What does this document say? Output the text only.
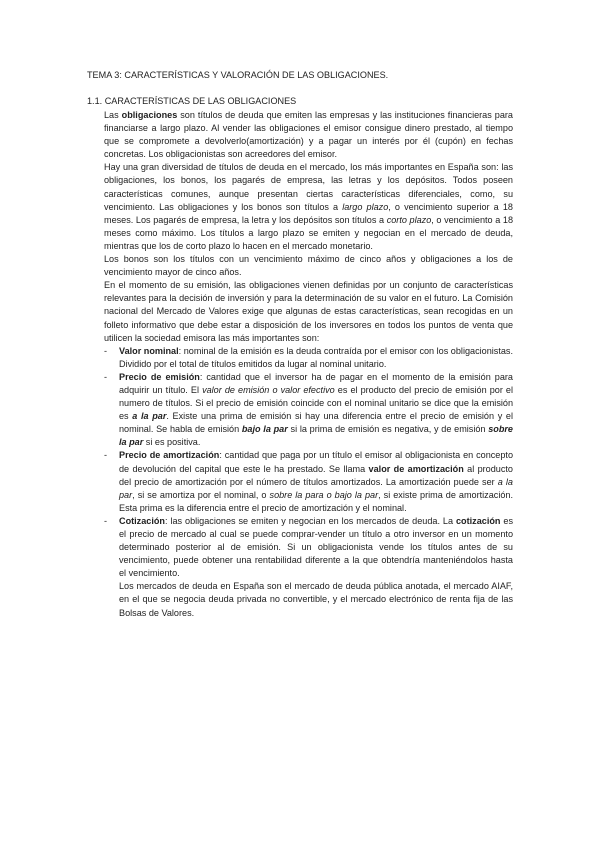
TEMA 3: CARACTERÍSTICAS Y VALORACIÓN DE LAS OBLIGACIONES.
1.1. CARACTERÍSTICAS DE LAS OBLIGACIONES

Las obligaciones son títulos de deuda que emiten las empresas y las instituciones financieras para financiarse a largo plazo. Al vender las obligaciones el emisor consigue dinero prestado, al tiempo que se compromete a devolverlo(amortización) y a pagar un interés por él (cupón) en fechas concretas. Los obligacionistas son acreedores del emisor.

Hay una gran diversidad de títulos de deuda en el mercado, los más importantes en España son: las obligaciones, los bonos, los pagarés de empresa, las letras y los depósitos. Todos poseen características comunes, aunque presentan ciertas características diferenciales, como, su vencimiento. Las obligaciones y los bonos son títulos a largo plazo, o vencimiento superior a 18 meses. Los pagarés de empresa, la letra y los depósitos son títulos a corto plazo, o vencimiento a 18 meses como máximo. Los títulos a largo plazo se emiten y negocian en el mercado de deuda, mientras que los de corto plazo lo hacen en el mercado monetario.

Los bonos son los títulos con un vencimiento máximo de cinco años y obligaciones a los de vencimiento mayor de cinco años.

En el momento de su emisión, las obligaciones vienen definidas por un conjunto de características relevantes para la decisión de inversión y para la determinación de su valor en el futuro. La Comisión nacional del Mercado de Valores exige que algunas de estas características, sean recogidas en un folleto informativo que debe estar a disposición de los inversores en todos los puntos de venta que utilicen la sociedad emisora las más importantes son:

- Valor nominal: nominal de la emisión es la deuda contraída por el emisor con los obligacionistas. Dividido por el total de títulos emitidos da lugar al nominal unitario.
- Precio de emisión: cantidad que el inversor ha de pagar en el momento de la emisión para adquirir un título. El valor de emisión o valor efectivo es el producto del precio de emisión por el numero de títulos. Si el precio de emisión coincide con el nominal unitario se dice que la emisión es a la par. Existe una prima de emisión si hay una diferencia entre el precio de emisión y el nominal. Se habla de emisión bajo la par si la prima de emisión es negativa, y de emisión sobre la par si es positiva.
- Precio de amortización: cantidad que paga por un título el emisor al obligacionista en concepto de devolución del capital que este le ha prestado. Se llama valor de amortización al producto del precio de amortización por el número de títulos amortizados. La amortización puede ser a la par, si se amortiza por el nominal, o sobre la para o bajo la par, si existe prima de amortización. Esta prima es la diferencia entre el precio de amortización y el nominal.
- Cotización: las obligaciones se emiten y negocian en los mercados de deuda. La cotización es el precio de mercado al cual se puede comprar-vender un título a otro inversor en un momento determinado posterior al de emisión. Si un obligacionista vende los títulos antes de su vencimiento, puede obtener una rentabilidad diferente a la que obtendría manteniéndolos hasta el vencimiento.

Los mercados de deuda en España son el mercado de deuda pública anotada, el mercado AIAF, en el que se negocia deuda privada no convertible, y el mercado electrónico de renta fija de las Bolsas de Valores.
